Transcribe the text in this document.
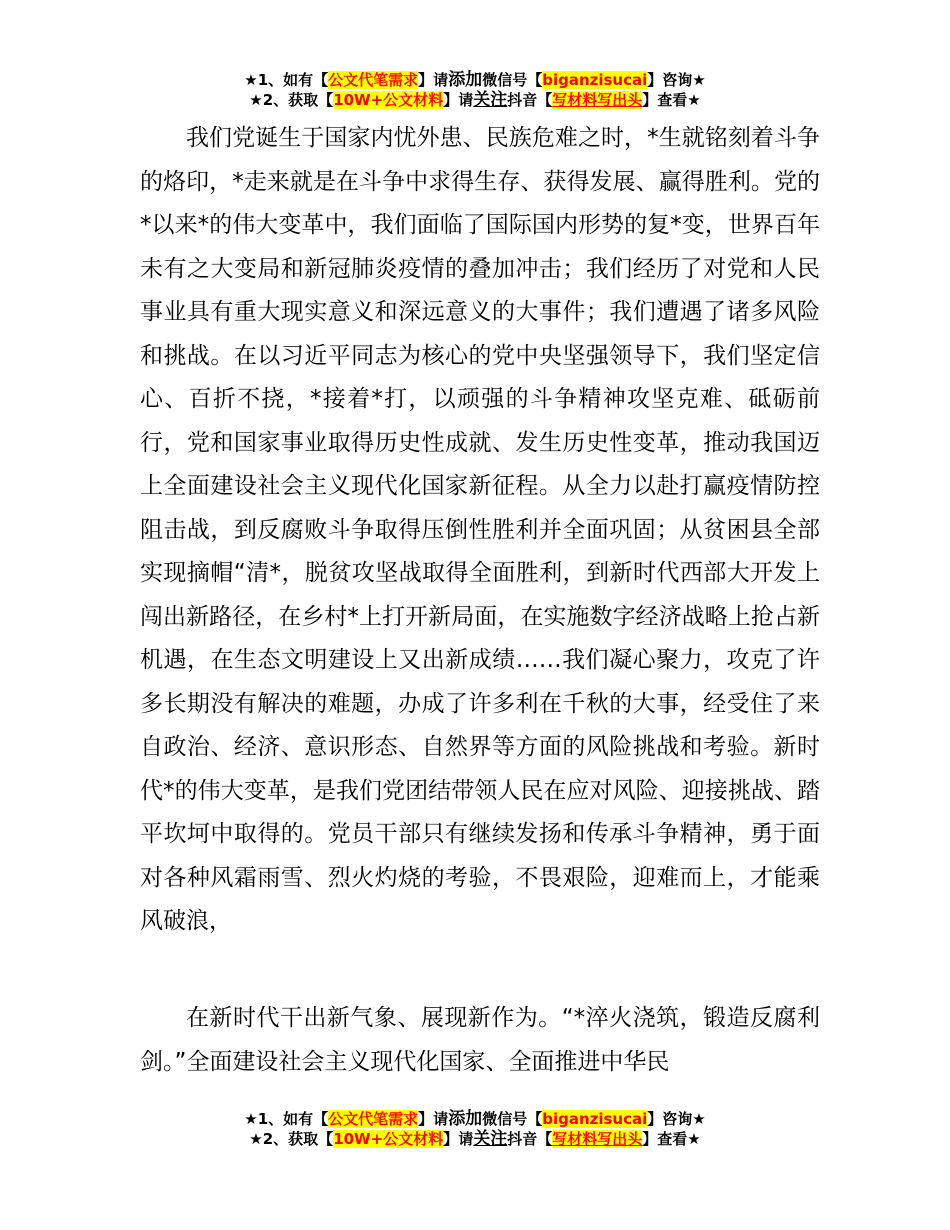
★1、如有【公文代笔需求】请添加微信号【biganzisucai】咨询★
★2、获取【10W+公文材料】请关注抖音【写材料写出头】查看★

我们党诞生于国家内忧外患、民族危难之时，*生就铭刻着斗争的烙印，*走来就是在斗争中求得生存、获得发展、赢得胜利。党的*以来*的伟大变革中，我们面临了国际国内形势的复*变，世界百年未有之大变局和新冠肺炎疫情的叠加冲击；我们经历了对党和人民事业具有重大现实意义和深远意义的大事件；我们遭遇了诸多风险和挑战。在以习近平同志为核心的党中央坚强领导下，我们坚定信心、百折不挠，*接着*打，以顽强的斗争精神攻坚克难、砥砺前行，党和国家事业取得历史性成就、发生历史性变革，推动我国迈上全面建设社会主义现代化国家新征程。从全力以赴打赢疫情防控阻击战，到反腐败斗争取得压倒性胜利并全面巩固；从贫困县全部实现摘帽“清*，脱贫攻坚战取得全面胜利，到新时代西部大开发上闯出新路径，在乡村*上打开新局面，在实施数字经济战略上抢占新机遇，在生态文明建设上又出新成绩……我们凝心聚力，攻克了许多长期没有解决的难题，办成了许多利在千秋的大事，经受住了来自政治、经济、意识形态、自然界等方面的风险挑战和考验。新时代*的伟大变革，是我们党团结带领人民在应对风险、迎接挑战、踏平坎坷中取得的。党员干部只有继续发扬和传承斗争精神，勇于面对各种风霜雨雪、烈火灼烧的考验，不畏艰险，迎难而上，才能乘风破浪，

在新时代干出新气象、展现新作为。“*淬火浇筑，锻造反腐利剑。”全面建设社会主义现代化国家、全面推进中华民

★1、如有【公文代笔需求】请添加微信号【biganzisucai】咨询★
★2、获取【10W+公文材料】请关注抖音【写材料写出头】查看★
